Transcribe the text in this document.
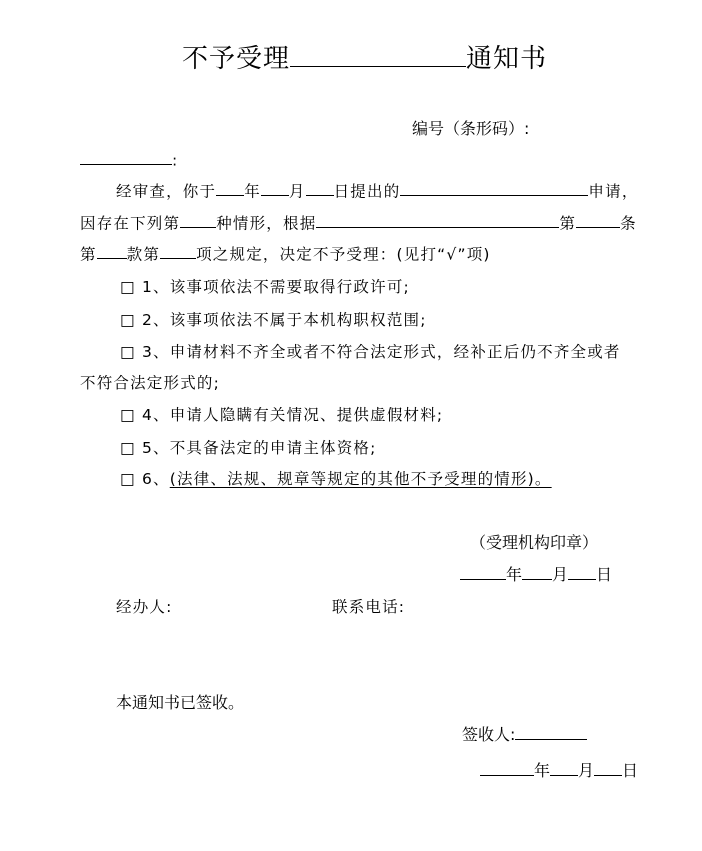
不予受理	通知书
编号（条形码）:
:
经审查，你于 年 月 日提出的	申请，
因存在下列第 种情形，根据	第	条
第 款第 项之规定，决定不予受理：(见打“√”项)
□ 1、该事项依法不需要取得行政许可;
□ 2、该事项依法不属于本机构职权范围;
□ 3、申请材料不齐全或者不符合法定形式，经补正后仍不齐全或者
不符合法定形式的;
□ 4、申请人隐瞒有关情况、提供虚假材料;
□ 5、不具备法定的申请主体资格;
□ 6、(法律、法规、规章等规定的其他不予受理的情形)。
（受理机构印章）
年 月 日
经办人:	联系电话:
本通知书已签收。
签收人:
年 月 日
